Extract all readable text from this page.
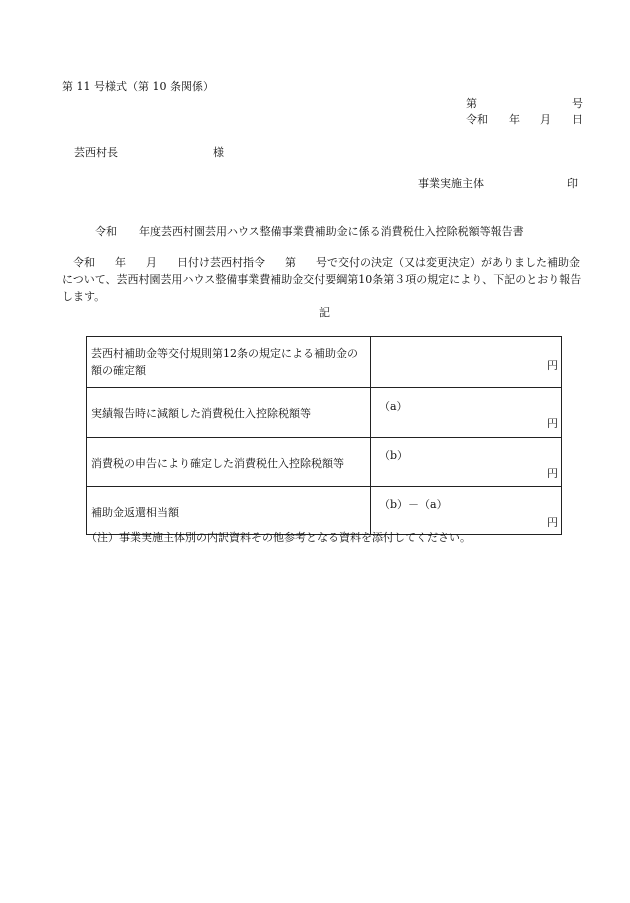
第 11 号様式（第 10 条関係）
第	号
令和 年 月 日
芸西村長	様
事業実施主体	印
令和 年度芸西村園芸用ハウス整備事業費補助金に係る消費税仕入控除税額等報告書
令和 年 月 日付け芸西村指令 第 号で交付の決定（又は変更決定）がありました補助金について、芸西村園芸用ハウス整備事業費補助金交付要綱第10条第３項の規定により、下記のとおり報告します。
記
芸西村補助金等交付規則第12条の規定による補助金の額の確定額	円

実績報告時に減額した消費税仕入控除税額等	（a）
円

消費税の申告により確定した消費税仕入控除税額等	（b）
円

補助金返還相当額	（b）－（a）
円
（注）事業実施主体別の内訳資料その他参考となる資料を添付してください。
